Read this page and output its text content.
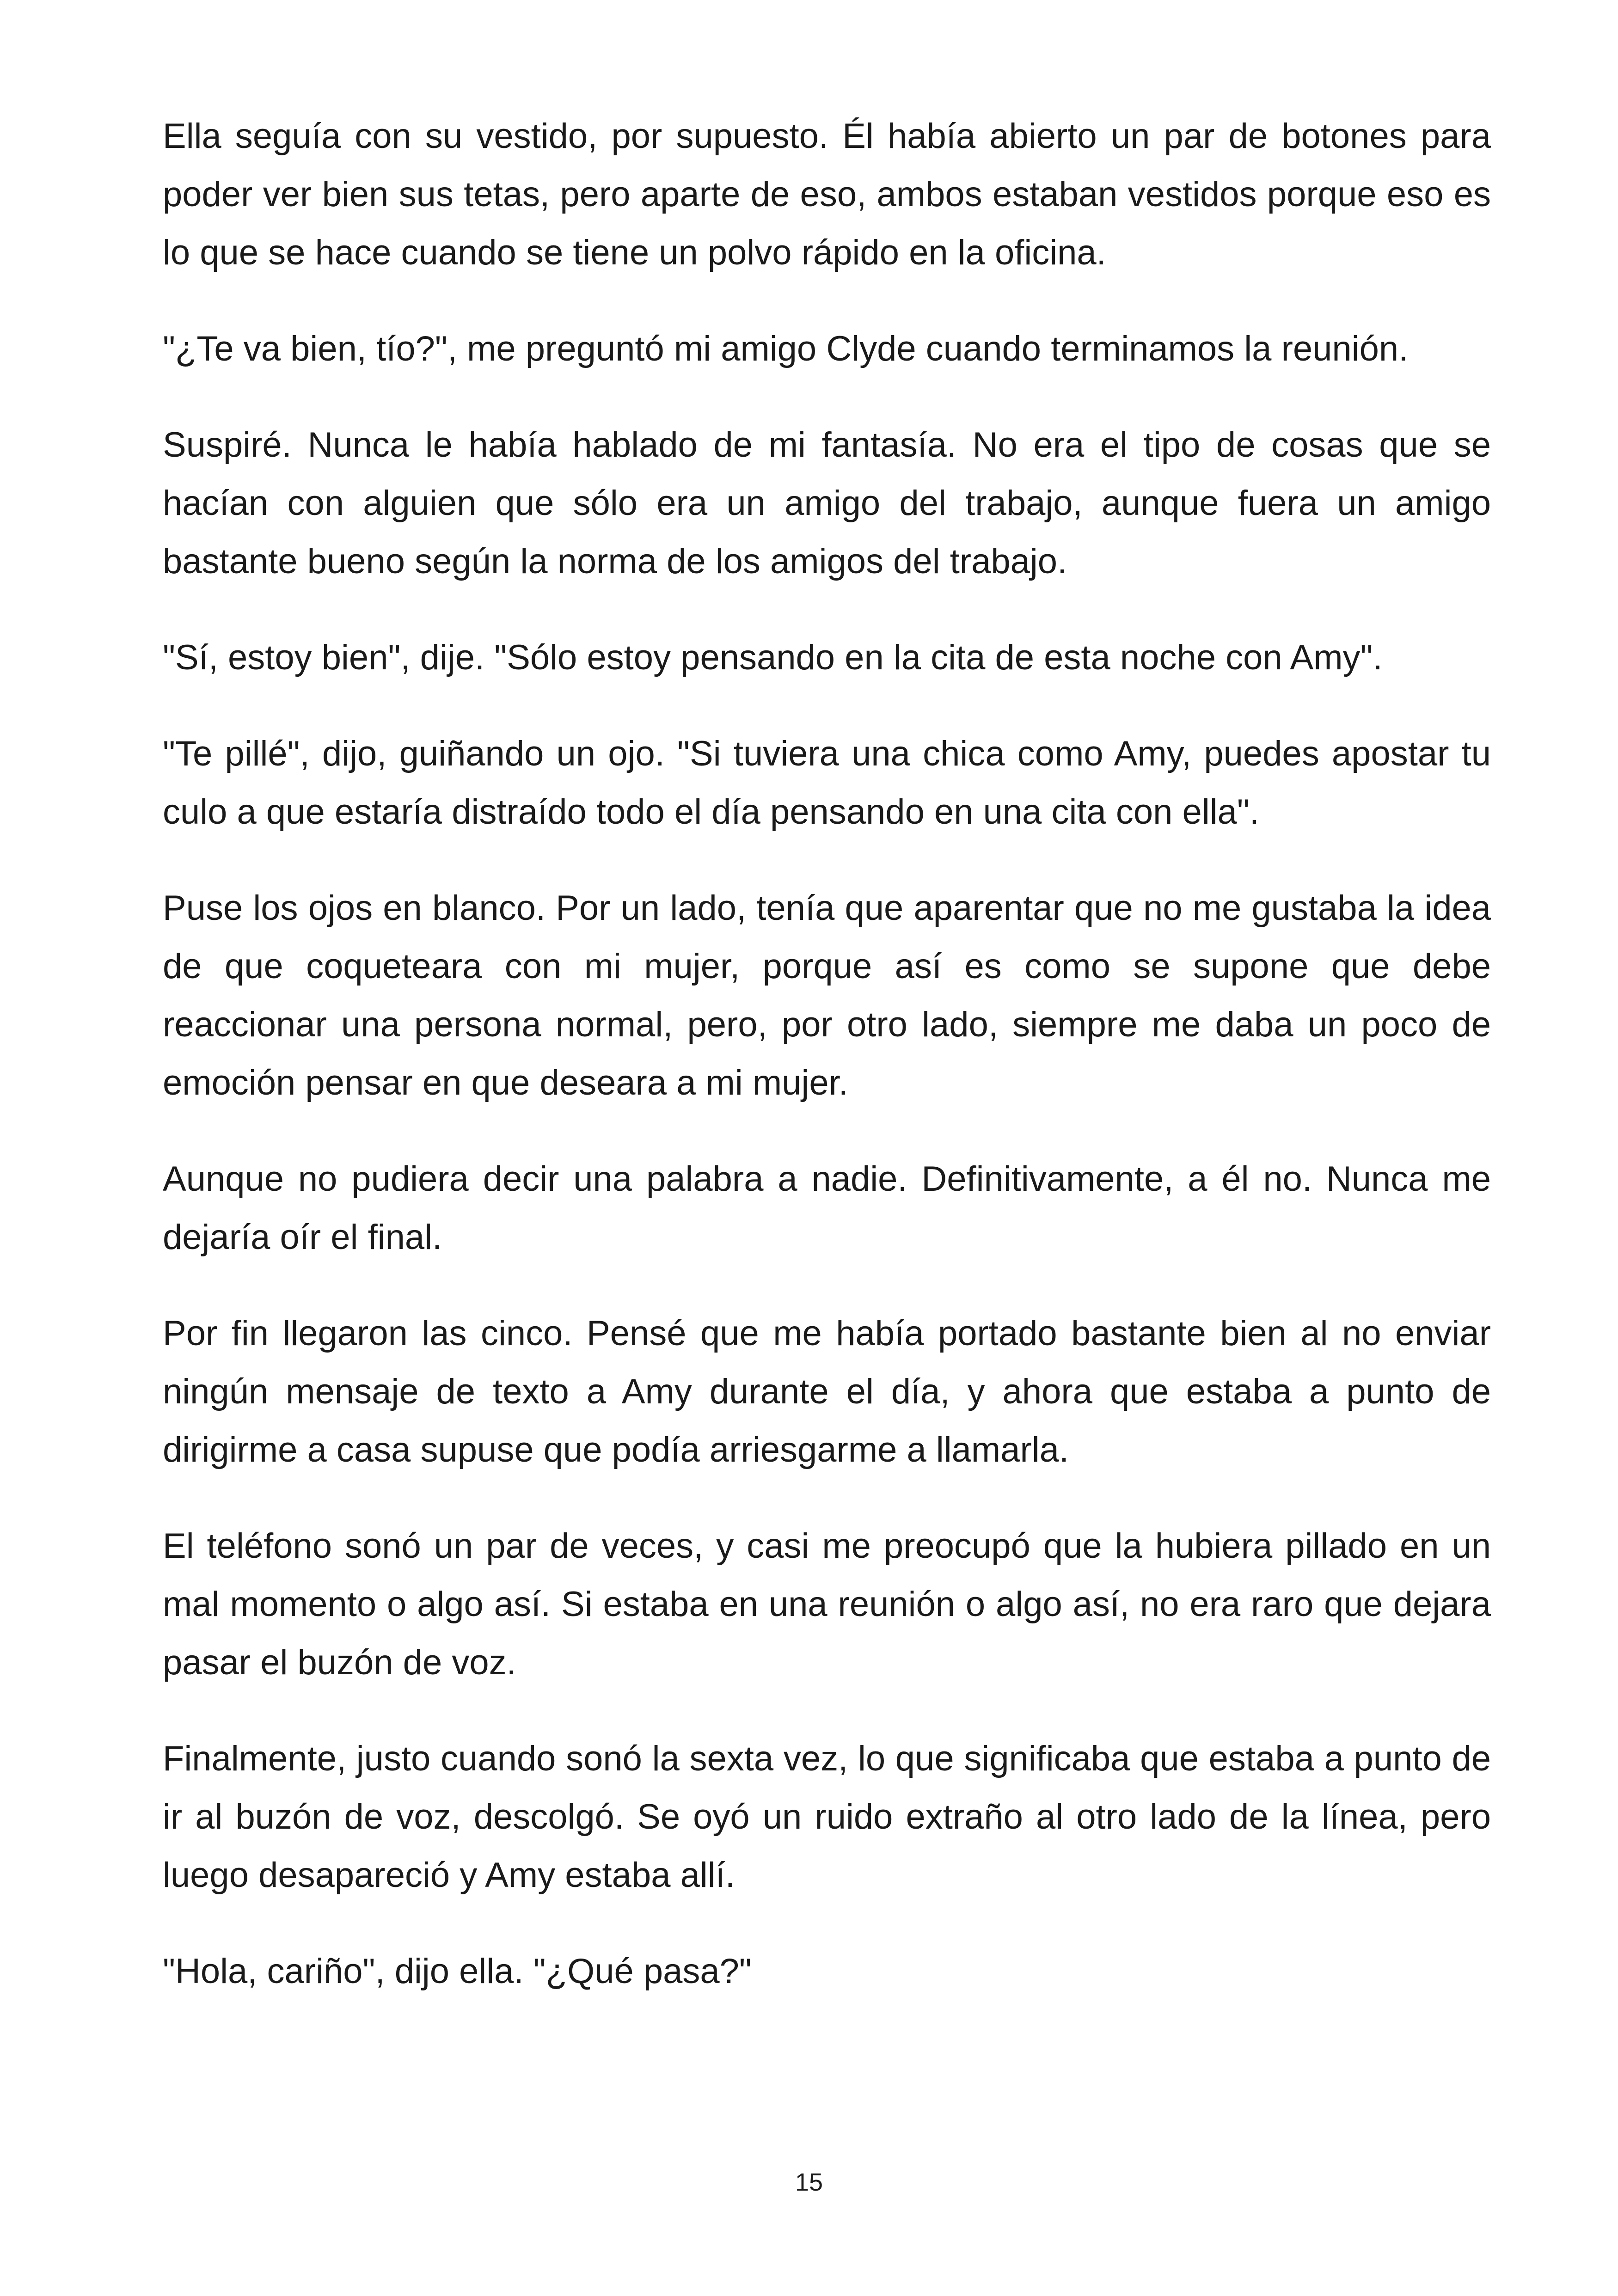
Ella seguía con su vestido, por supuesto. Él había abierto un par de botones para poder ver bien sus tetas, pero aparte de eso, ambos estaban vestidos porque eso es lo que se hace cuando se tiene un polvo rápido en la oficina.

"¿Te va bien, tío?", me preguntó mi amigo Clyde cuando terminamos la reunión.

Suspiré. Nunca le había hablado de mi fantasía. No era el tipo de cosas que se hacían con alguien que sólo era un amigo del trabajo, aunque fuera un amigo bastante bueno según la norma de los amigos del trabajo.

"Sí, estoy bien", dije. "Sólo estoy pensando en la cita de esta noche con Amy".

"Te pillé", dijo, guiñando un ojo. "Si tuviera una chica como Amy, puedes apostar tu culo a que estaría distraído todo el día pensando en una cita con ella".

Puse los ojos en blanco. Por un lado, tenía que aparentar que no me gustaba la idea de que coqueteara con mi mujer, porque así es como se supone que debe reaccionar una persona normal, pero, por otro lado, siempre me daba un poco de emoción pensar en que deseara a mi mujer.

Aunque no pudiera decir una palabra a nadie. Definitivamente, a él no. Nunca me dejaría oír el final.

Por fin llegaron las cinco. Pensé que me había portado bastante bien al no enviar ningún mensaje de texto a Amy durante el día, y ahora que estaba a punto de dirigirme a casa supuse que podía arriesgarme a llamarla.

El teléfono sonó un par de veces, y casi me preocupó que la hubiera pillado en un mal momento o algo así. Si estaba en una reunión o algo así, no era raro que dejara pasar el buzón de voz.

Finalmente, justo cuando sonó la sexta vez, lo que significaba que estaba a punto de ir al buzón de voz, descolgó. Se oyó un ruido extraño al otro lado de la línea, pero luego desapareció y Amy estaba allí.

"Hola, cariño", dijo ella. "¿Qué pasa?"

15
